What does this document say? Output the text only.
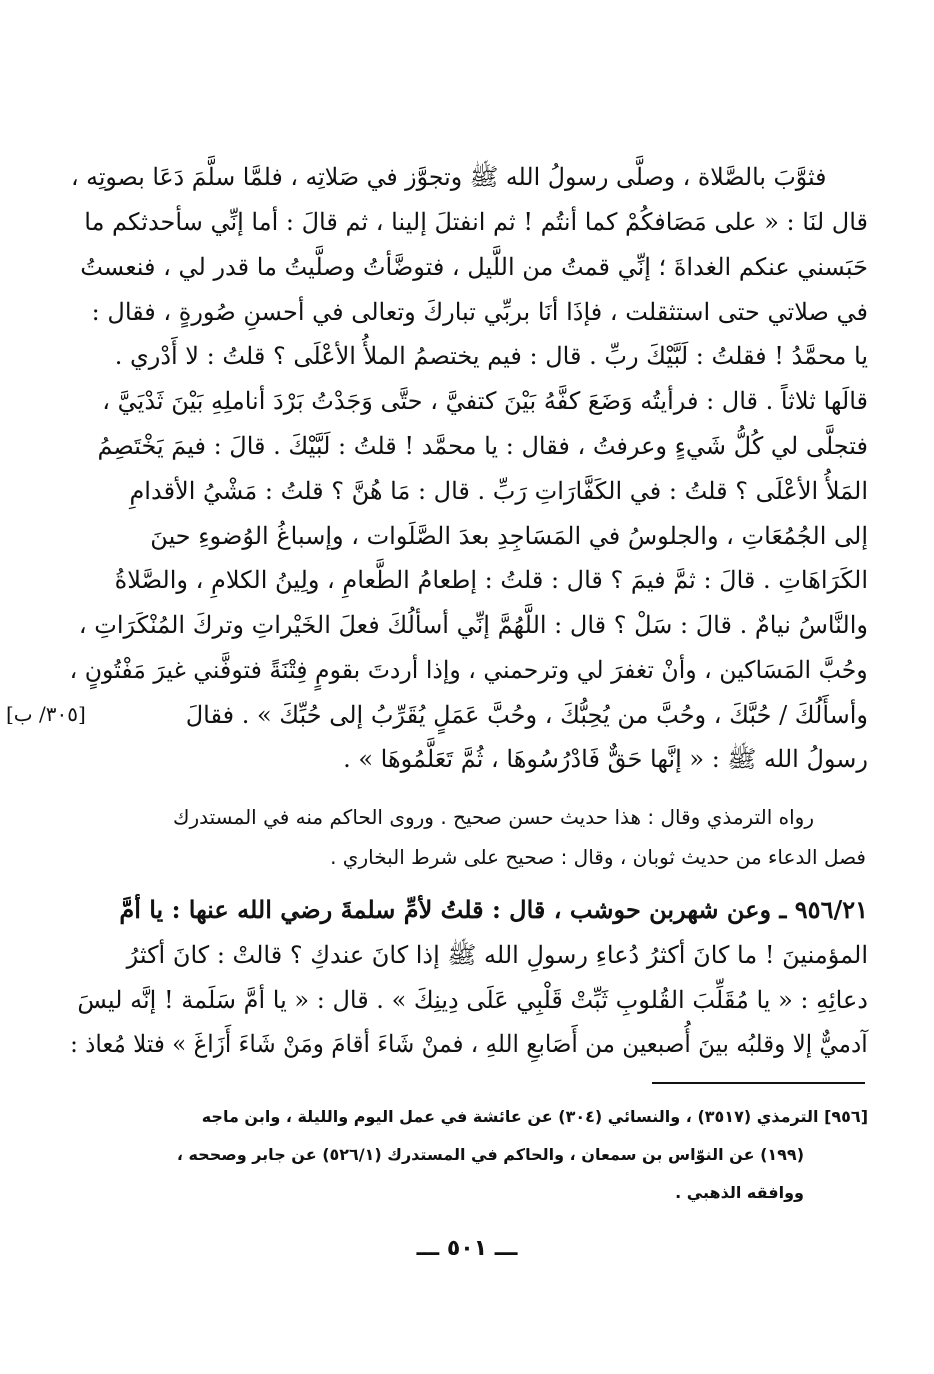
فثوَّبَ بالصَّلاة ، وصلَّى رسولُ الله ﷺ وتجوَّز في صَلاتِه ، فلمَّا سلَّمَ دَعَا بصوتِه ،
قال لنَا : « على مَصَافكُمْ كما أنتُم ! ثم انفتلَ إلينا ، ثم قالَ : أما إنِّي سأحدثكم ما
حَبَسني عنكم الغداةَ ؛ إنِّي قمتُ من اللَّيل ، فتوضَّأتُ وصلَّيتُ ما قدر لي ، فنعستُ
في صلاتي حتى استثقلت ، فإذَا أنَا بربِّي تباركَ وتعالى في أحسنِ صُورةٍ ، فقال :
يا محمَّدُ ! فقلتُ : لَبَّيْكَ ربِّ . قال : فيم يختصمُ الملأُ الأعْلَى ؟ قلتُ : لا أَدْري .
قالَها ثلاثاً . قال : فرأيتُه وَضَعَ كفَّهُ بَيْنَ كتفيَّ ، حتَّى وَجَدْتُ بَرْدَ أناملِهِ بَيْنَ ثَدْيَيَّ ،
فتجلَّى لي كُلُّ شَيءٍ وعرفتُ ، فقال : يا محمَّد ! قلتُ : لَبَّيْكَ . قالَ : فيمَ يَخْتَصِمُ
المَلأُ الأعْلَى ؟ قلتُ : في الكَفَّارَاتِ رَبِّ . قال : مَا هُنَّ ؟ قلتُ : مَشْيُ الأقدامِ
إلى الجُمُعَاتِ ، والجلوسُ في المَسَاجِدِ بعدَ الصَّلَوات ، وإسباغُ الوُضوءِ حينَ
الكَرَاهَاتِ . قالَ : ثمَّ فيمَ ؟ قال : قلتُ : إطعامُ الطَّعامِ ، ولِينُ الكلامِ ، والصَّلاةُ
والنَّاسُ نيامٌ . قالَ : سَلْ ؟ قال : اللَّهُمَّ إنِّي أسألُكَ فعلَ الخَيْراتِ وتركَ المُنْكَرَاتِ ،
وحُبَّ المَسَاكين ، وأنْ تغفرَ لي وترحمني ، وإذا أردتَ بقومٍ فِتْنَةً فتوفَّني غيرَ مَفْتُونٍ ،
وأسأَلُكَ / حُبَّكَ ، وحُبَّ من يُحِبُّكَ ، وحُبَّ عَمَلٍ يُقَرِّبُ إلى حُبِّكَ » . فقالَ
رسولُ الله ﷺ : « إنَّها حَقٌّ فَادْرُسُوهَا ، ثُمَّ تَعَلَّمُوهَا » .
[٣٠٥/ ب]
رواه الترمذي وقال : هذا حديث حسن صحيح . وروى الحاكم منه في المستدرك
فصل الدعاء من حديث ثوبان ، وقال : صحيح على شرط البخاري .
٩٥٦/٢١ ـ وعن شهربن حوشب ، قال : قلتُ لأمِّ سلمةَ رضي الله عنها : يا أمَّ
المؤمنينَ ! ما كانَ أكثرُ دُعاءِ رسولِ الله ﷺ إذا كانَ عندكِ ؟ قالتْ : كانَ أكثرُ
دعائِهِ : « يا مُقَلِّبَ القُلوبِ ثَبِّتْ قَلْبِي عَلَى دِينِكَ » . قال : « يا أمَّ سَلَمة ! إنَّه ليسَ
آدميٌّ إلا وقلبُه بينَ أُصبعين من أَصَابعِ اللهِ ، فمنْ شَاءَ أقامَ ومَنْ شَاءَ أَزَاغَ » فتلا مُعاذ :
[٩٥٦] الترمذي (٣٥١٧) ، والنسائي (٣٠٤) عن عائشة في عمل اليوم والليلة ، وابن ماجه
(١٩٩) عن النوّاس بن سمعان ، والحاكم في المستدرك (٥٢٦/١) عن جابر وصححه ،
ووافقه الذهبي .
ـــ ٥٠١ ـــ
